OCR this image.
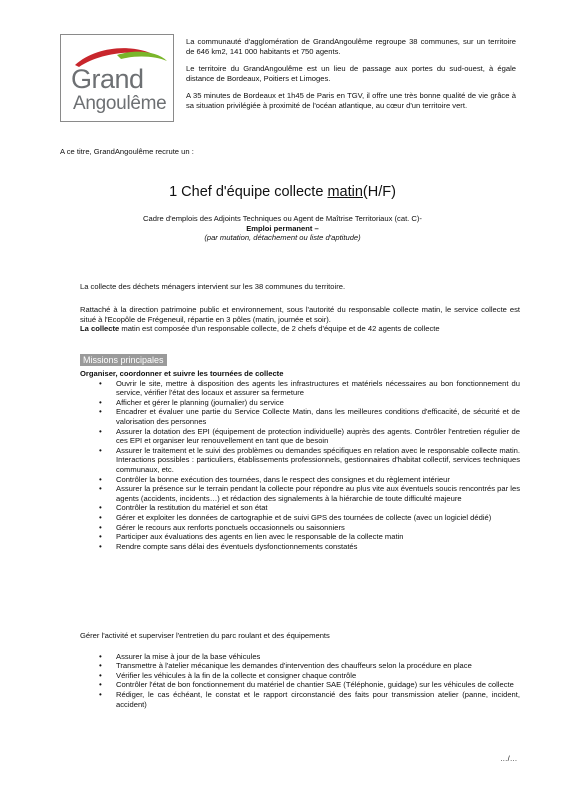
Grand
Angoulême

La communauté d'agglomération de GrandAngoulême regroupe 38 communes, sur un territoire de 646 km2, 141 000 habitants et 750 agents.

Le territoire du GrandAngoulême est un lieu de passage aux portes du sud-ouest, à égale distance de Bordeaux, Poitiers et Limoges.

A 35 minutes de Bordeaux et 1h45 de Paris en TGV, il offre une très bonne qualité de vie grâce à sa situation privilégiée à proximité de l'océan atlantique, au cœur d'un territoire vert.

A ce titre, GrandAngoulême recrute un :
1 Chef d'équipe collecte matin(H/F)
Cadre d'emplois des Adjoints Techniques ou Agent de Maîtrise Territoriaux (cat. C)-
Emploi permanent –
(par mutation, détachement ou liste d'aptitude)
La collecte des déchets ménagers intervient sur les 38 communes du territoire.

Rattaché à la direction patrimoine public et environnement, sous l'autorité du responsable collecte matin, le service collecte est situé à l'Ecopôle de Frégeneuil, répartie en 3 pôles (matin, journée et soir).

La collecte matin est composée d'un responsable collecte, de 2 chefs d'équipe et de 42 agents de collecte

Missions principales

Organiser, coordonner et suivre les tournées de collecte

• Ouvrir le site, mettre à disposition des agents les infrastructures et matériels nécessaires au bon fonctionnement du service, vérifier l'état des locaux et assurer sa fermeture
• Afficher et gérer le planning (journalier) du service
• Encadrer et évaluer une partie du Service Collecte Matin, dans les meilleures conditions d'efficacité, de sécurité et de valorisation des personnes
• Assurer la dotation des EPI (équipement de protection individuelle) auprès des agents. Contrôler l'entretien régulier de ces EPI et organiser leur renouvellement en tant que de besoin
• Assurer le traitement et le suivi des problèmes ou demandes spécifiques en relation avec le responsable collecte matin. Interactions possibles : particuliers, établissements professionnels, gestionnaires d'habitat collectif, services techniques communaux, etc.
• Contrôler la bonne exécution des tournées, dans le respect des consignes et du règlement intérieur
• Assurer la présence sur le terrain pendant la collecte pour répondre au plus vite aux éventuels soucis rencontrés par les agents (accidents, incidents…) et rédaction des signalements à la hiérarchie de toute difficulté majeure
• Contrôler la restitution du matériel et son état
• Gérer et exploiter les données de cartographie et de suivi GPS des tournées de collecte (avec un logiciel dédié)
• Gérer le recours aux renforts ponctuels occasionnels ou saisonniers
• Participer aux évaluations des agents en lien avec le responsable de la collecte matin
• Rendre compte sans délai des éventuels dysfonctionnements constatés

Gérer l'activité et superviser l'entretien du parc roulant et des équipements

• Assurer la mise à jour de la base véhicules
• Transmettre à l'atelier mécanique les demandes d'intervention des chauffeurs selon la procédure en place
• Vérifier les véhicules à la fin de la collecte et consigner chaque contrôle
• Contrôler l'état de bon fonctionnement du matériel de chantier SAE (Téléphonie, guidage) sur les véhicules de collecte
• Rédiger, le cas échéant, le constat et le rapport circonstancié des faits pour transmission atelier (panne, incident, accident)
…/…
